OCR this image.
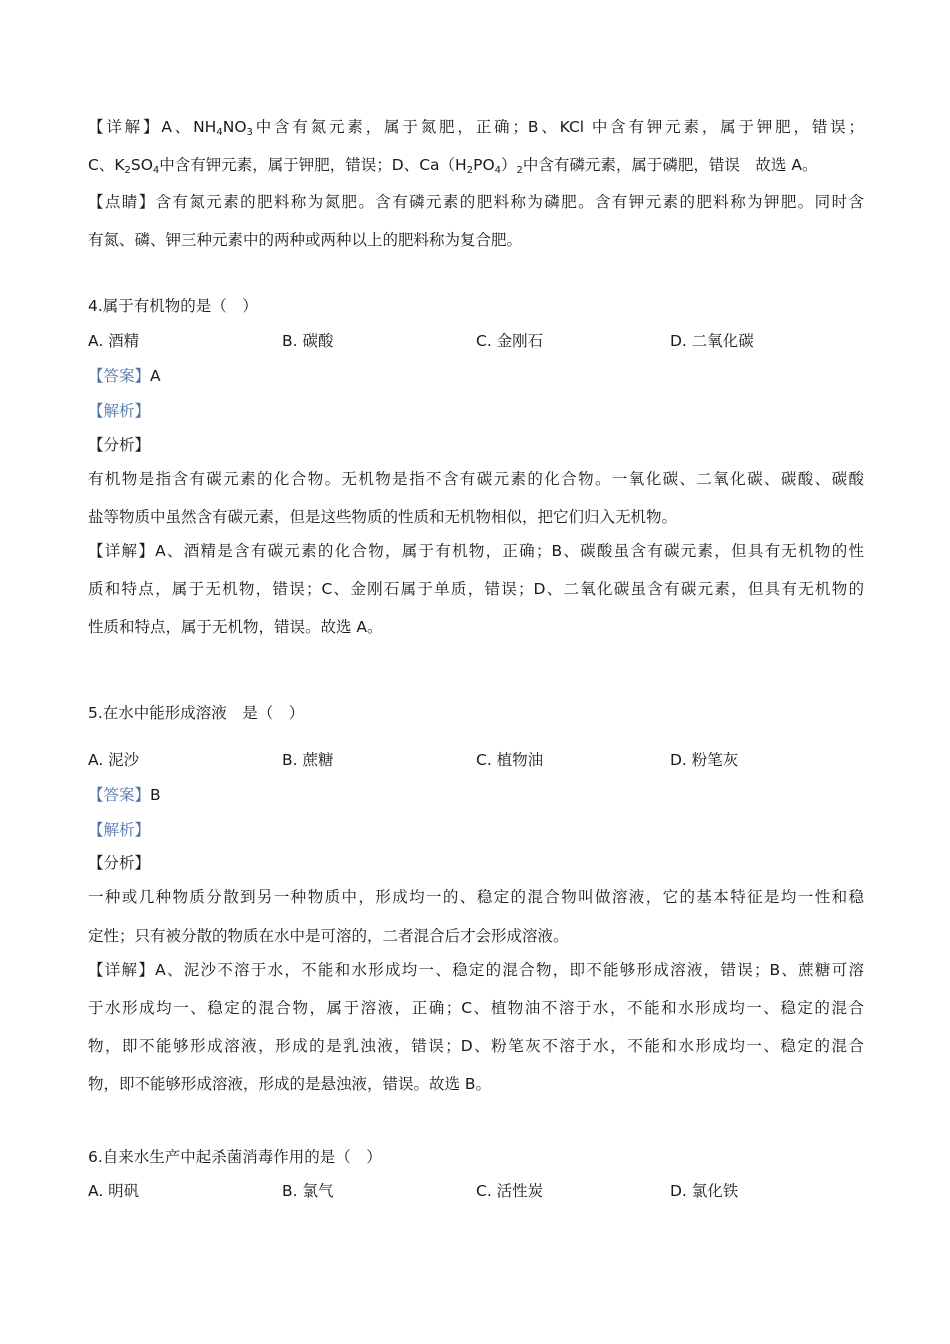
【详解】A、$NH_4NO_3$中含有氮元素，属于氮肥，正确；B、KCl 中含有钾元素，属于钾肥，错误；
C、$K_2SO_4$中含有钾元素，属于钾肥，错误；D、$Ca(H_2PO_4)_2$中含有磷元素，属于磷肥，错误　故选 A。
【点睛】含有氮元素的肥料称为氮肥。含有磷元素的肥料称为磷肥。含有钾元素的肥料称为钾肥。同时含
有氮、磷、钾三种元素中的两种或两种以上的肥料称为复合肥。
4.属于有机物的是（　）
A. 酒精	B. 碳酸	C. 金刚石	D. 二氧化碳
【答案】A
【解析】
【分析】
有机物是指含有碳元素的化合物。无机物是指不含有碳元素的化合物。一氧化碳、二氧化碳、碳酸、碳酸
盐等物质中虽然含有碳元素，但是这些物质的性质和无机物相似，把它们归入无机物。
【详解】A、酒精是含有碳元素的化合物，属于有机物，正确；B、碳酸虽含有碳元素，但具有无机物的性
质和特点，属于无机物，错误；C、金刚石属于单质，错误；D、二氧化碳虽含有碳元素，但具有无机物的
性质和特点，属于无机物，错误。故选 A。
5.在水中能形成溶液　是（　）
A. 泥沙	B. 蔗糖	C. 植物油	D. 粉笔灰
【答案】B
【解析】
【分析】
一种或几种物质分散到另一种物质中，形成均一的、稳定的混合物叫做溶液，它的基本特征是均一性和稳
定性；只有被分散的物质在水中是可溶的，二者混合后才会形成溶液。
【详解】A、泥沙不溶于水，不能和水形成均一、稳定的混合物，即不能够形成溶液，错误；B、蔗糖可溶
于水形成均一、稳定的混合物，属于溶液，正确；C、植物油不溶于水，不能和水形成均一、稳定的混合
物，即不能够形成溶液，形成的是乳浊液，错误；D、粉笔灰不溶于水，不能和水形成均一、稳定的混合
物，即不能够形成溶液，形成的是悬浊液，错误。故选 B。
6.自来水生产中起杀菌消毒作用的是（　）
A. 明矾	B. 氯气	C. 活性炭	D. 氯化铁
